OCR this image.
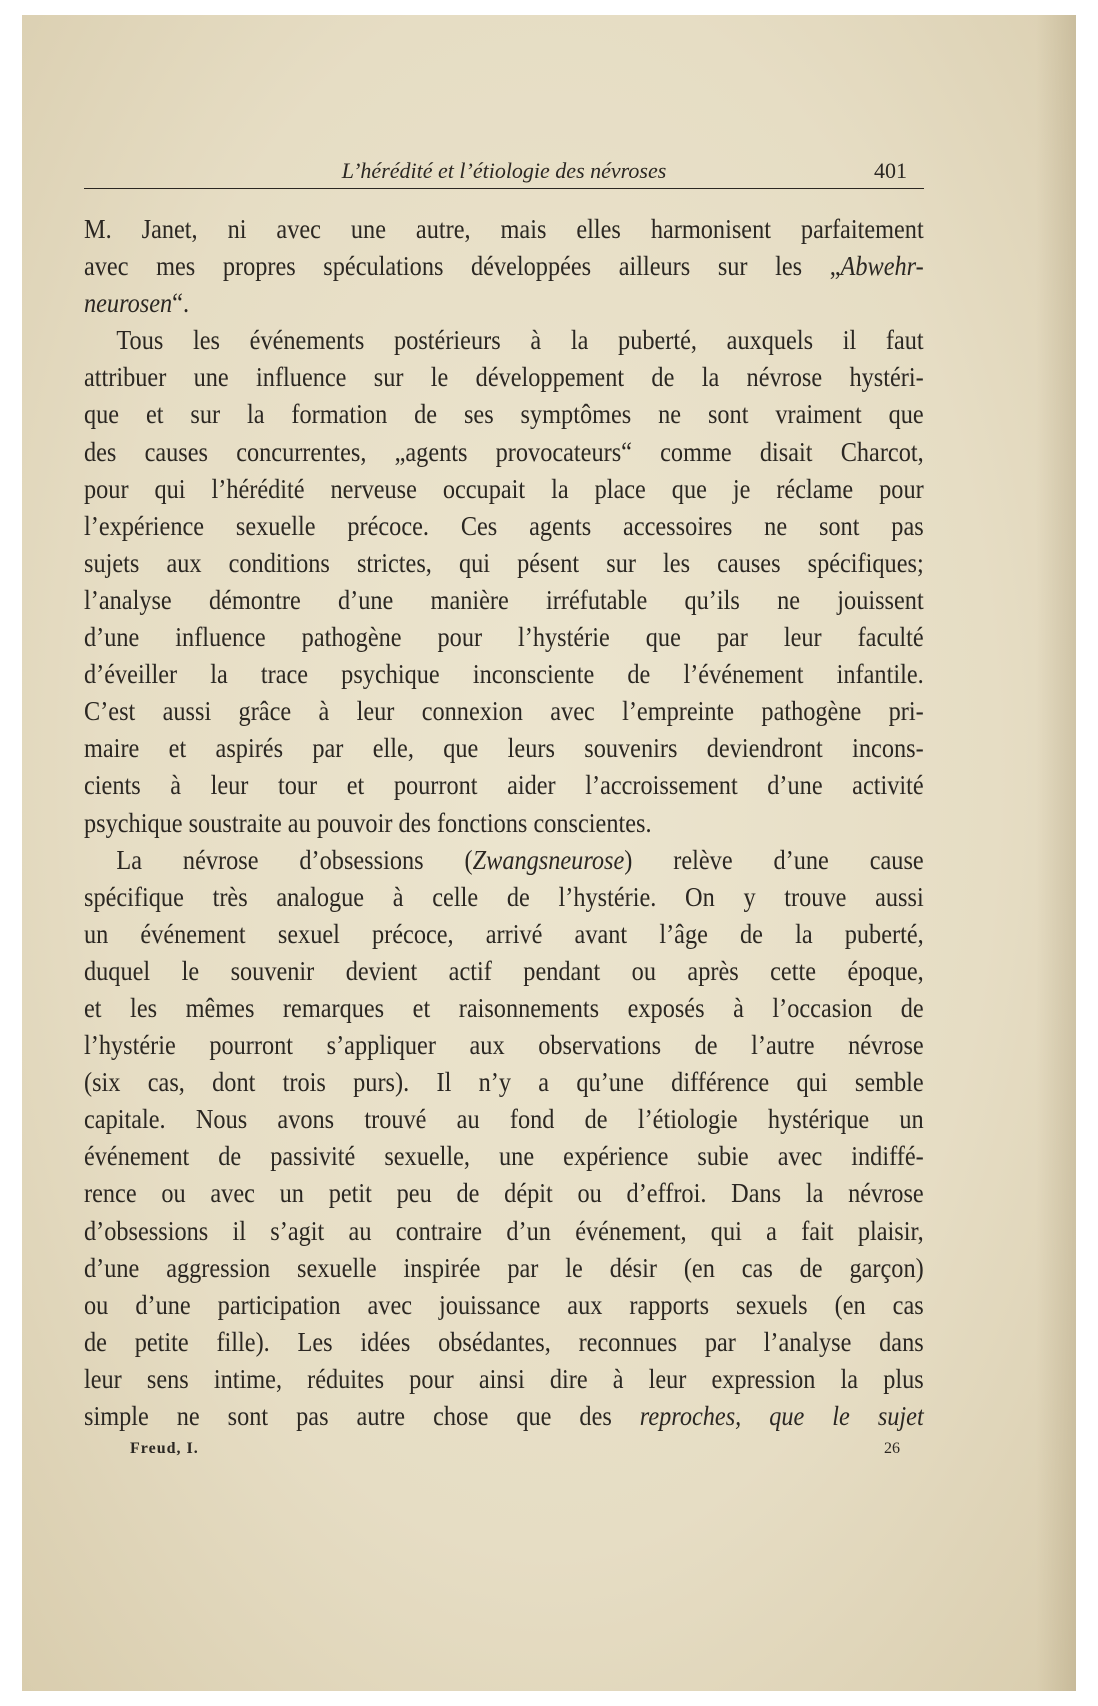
L’hérédité et l’étiologie des névroses	401
M. Janet, ni avec une autre, mais elles harmonisent parfaitement
avec mes propres spéculations développées ailleurs sur les „Abwehr-
neurosen“.
Tous les événements postérieurs à la puberté, auxquels il faut
attribuer une influence sur le développement de la névrose hystéri-
que et sur la formation de ses symptômes ne sont vraiment que
des causes concurrentes, „agents provocateurs“ comme disait Charcot,
pour qui l’hérédité nerveuse occupait la place que je réclame pour
l’expérience sexuelle précoce. Ces agents accessoires ne sont pas
sujets aux conditions strictes, qui pésent sur les causes spécifiques;
l’analyse démontre d’une manière irréfutable qu’ils ne jouissent
d’une influence pathogène pour l’hystérie que par leur faculté
d’éveiller la trace psychique inconsciente de l’événement infantile.
C’est aussi grâce à leur connexion avec l’empreinte pathogène pri-
maire et aspirés par elle, que leurs souvenirs deviendront incons-
cients à leur tour et pourront aider l’accroissement d’une activité
psychique soustraite au pouvoir des fonctions conscientes.
La névrose d’obsessions (Zwangsneurose) relève d’une cause
spécifique très analogue à celle de l’hystérie. On y trouve aussi
un événement sexuel précoce, arrivé avant l’âge de la puberté,
duquel le souvenir devient actif pendant ou après cette époque,
et les mêmes remarques et raisonnements exposés à l’occasion de
l’hystérie pourront s’appliquer aux observations de l’autre névrose
(six cas, dont trois purs). Il n’y a qu’une différence qui semble
capitale. Nous avons trouvé au fond de l’étiologie hystérique un
événement de passivité sexuelle, une expérience subie avec indiffé-
rence ou avec un petit peu de dépit ou d’effroi. Dans la névrose
d’obsessions il s’agit au contraire d’un événement, qui a fait plaisir,
d’une aggression sexuelle inspirée par le désir (en cas de garçon)
ou d’une participation avec jouissance aux rapports sexuels (en cas
de petite fille). Les idées obsédantes, reconnues par l’analyse dans
leur sens intime, réduites pour ainsi dire à leur expression la plus
simple ne sont pas autre chose que des reproches, que le sujet
Freud, I.	26
